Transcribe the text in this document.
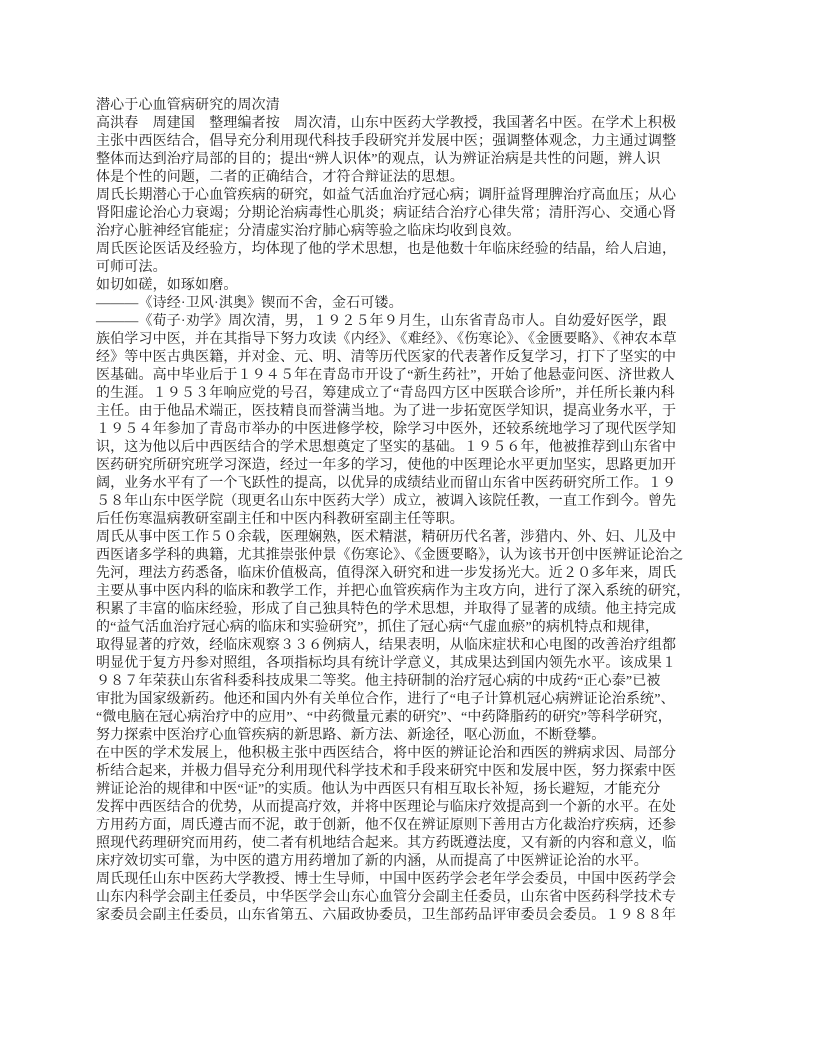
潜心于心血管病研究的周次清
高洪春　周建国　整理编者按　周次清，山东中医药大学教授，我国著名中医。在学术上积极
主张中西医结合，倡导充分利用现代科技手段研究并发展中医；强调整体观念，力主通过调整
整体而达到治疗局部的目的；提出“辨人识体”的观点，认为辨证治病是共性的问题，辨人识
体是个性的问题，二者的正确结合，才符合辩证法的思想。
周氏长期潜心于心血管疾病的研究，如益气活血治疗冠心病；调肝益肾理脾治疗高血压；从心
肾阳虚论治心力衰竭；分期论治病毒性心肌炎；病证结合治疗心律失常；清肝泻心、交通心肾
治疗心脏神经官能症；分清虚实治疗肺心病等验之临床均收到良效。
周氏医论医话及经验方，均体现了他的学术思想，也是他数十年临床经验的结晶，给人启迪，
可师可法。
如切如磋，如琢如磨。
———《诗经·卫风·淇奥》锲而不舍，金石可镂。
———《荀子·劝学》周次清，男，１９２５年９月生，山东省青岛市人。自幼爱好医学，跟
族伯学习中医，并在其指导下努力攻读《内经》、《难经》、《伤寒论》、《金匮要略》、《神农本草
经》等中医古典医籍，并对金、元、明、清等历代医家的代表著作反复学习，打下了坚实的中
医基础。高中毕业后于１９４５年在青岛市开设了“新生药社”，开始了他悬壶问医、济世救人
的生涯。１９５３年响应党的号召，筹建成立了“青岛四方区中医联合诊所”，并任所长兼内科
主任。由于他品术端正，医技精良而誉满当地。为了进一步拓宽医学知识，提高业务水平，于
１９５４年参加了青岛市举办的中医进修学校，除学习中医外，还较系统地学习了现代医学知
识，这为他以后中西医结合的学术思想奠定了坚实的基础。１９５６年，他被推荐到山东省中
医药研究所研究班学习深造，经过一年多的学习，使他的中医理论水平更加坚实，思路更加开
阔，业务水平有了一个飞跃性的提高，以优异的成绩结业而留山东省中医药研究所工作。１９
５８年山东中医学院（现更名山东中医药大学）成立，被调入该院任教，一直工作到今。曾先
后任伤寒温病教研室副主任和中医内科教研室副主任等职。
周氏从事中医工作５０余载，医理娴熟，医术精湛，精研历代名著，涉猎内、外、妇、儿及中
西医诸多学科的典籍，尤其推崇张仲景《伤寒论》、《金匮要略》，认为该书开创中医辨证论治之
先河，理法方药悉备，临床价值极高，值得深入研究和进一步发扬光大。近２０多年来，周氏
主要从事中医内科的临床和教学工作，并把心血管疾病作为主攻方向，进行了深入系统的研究，
积累了丰富的临床经验，形成了自己独具特色的学术思想，并取得了显著的成绩。他主持完成
的“益气活血治疗冠心病的临床和实验研究”，抓住了冠心病“气虚血瘀”的病机特点和规律，
取得显著的疗效，经临床观察３３６例病人，结果表明，从临床症状和心电图的改善治疗组都
明显优于复方丹参对照组，各项指标均具有统计学意义，其成果达到国内领先水平。该成果１
９８７年荣获山东省科委科技成果二等奖。他主持研制的治疗冠心病的中成药“正心泰”已被
审批为国家级新药。他还和国内外有关单位合作，进行了“电子计算机冠心病辨证论治系统”、
“微电脑在冠心病治疗中的应用”、“中药微量元素的研究”、“中药降脂药的研究”等科学研究，
努力探索中医治疗心血管疾病的新思路、新方法、新途径，呕心沥血，不断登攀。
在中医的学术发展上，他积极主张中西医结合，将中医的辨证论治和西医的辨病求因、局部分
析结合起来，并极力倡导充分利用现代科学技术和手段来研究中医和发展中医，努力探索中医
辨证论治的规律和中医“证”的实质。他认为中西医只有相互取长补短，扬长避短，才能充分
发挥中西医结合的优势，从而提高疗效，并将中医理论与临床疗效提高到一个新的水平。在处
方用药方面，周氏遵古而不泥，敢于创新，他不仅在辨证原则下善用古方化裁治疗疾病，还参
照现代药理研究而用药，使二者有机地结合起来。其方药既遵法度，又有新的内容和意义，临
床疗效切实可靠，为中医的遣方用药增加了新的内涵，从而提高了中医辨证论治的水平。
周氏现任山东中医药大学教授、博士生导师，中国中医药学会老年学会委员，中国中医药学会
山东内科学会副主任委员，中华医学会山东心血管分会副主任委员，山东省中医药科学技术专
家委员会副主任委员，山东省第五、六届政协委员，卫生部药品评审委员会委员。１９８８年
